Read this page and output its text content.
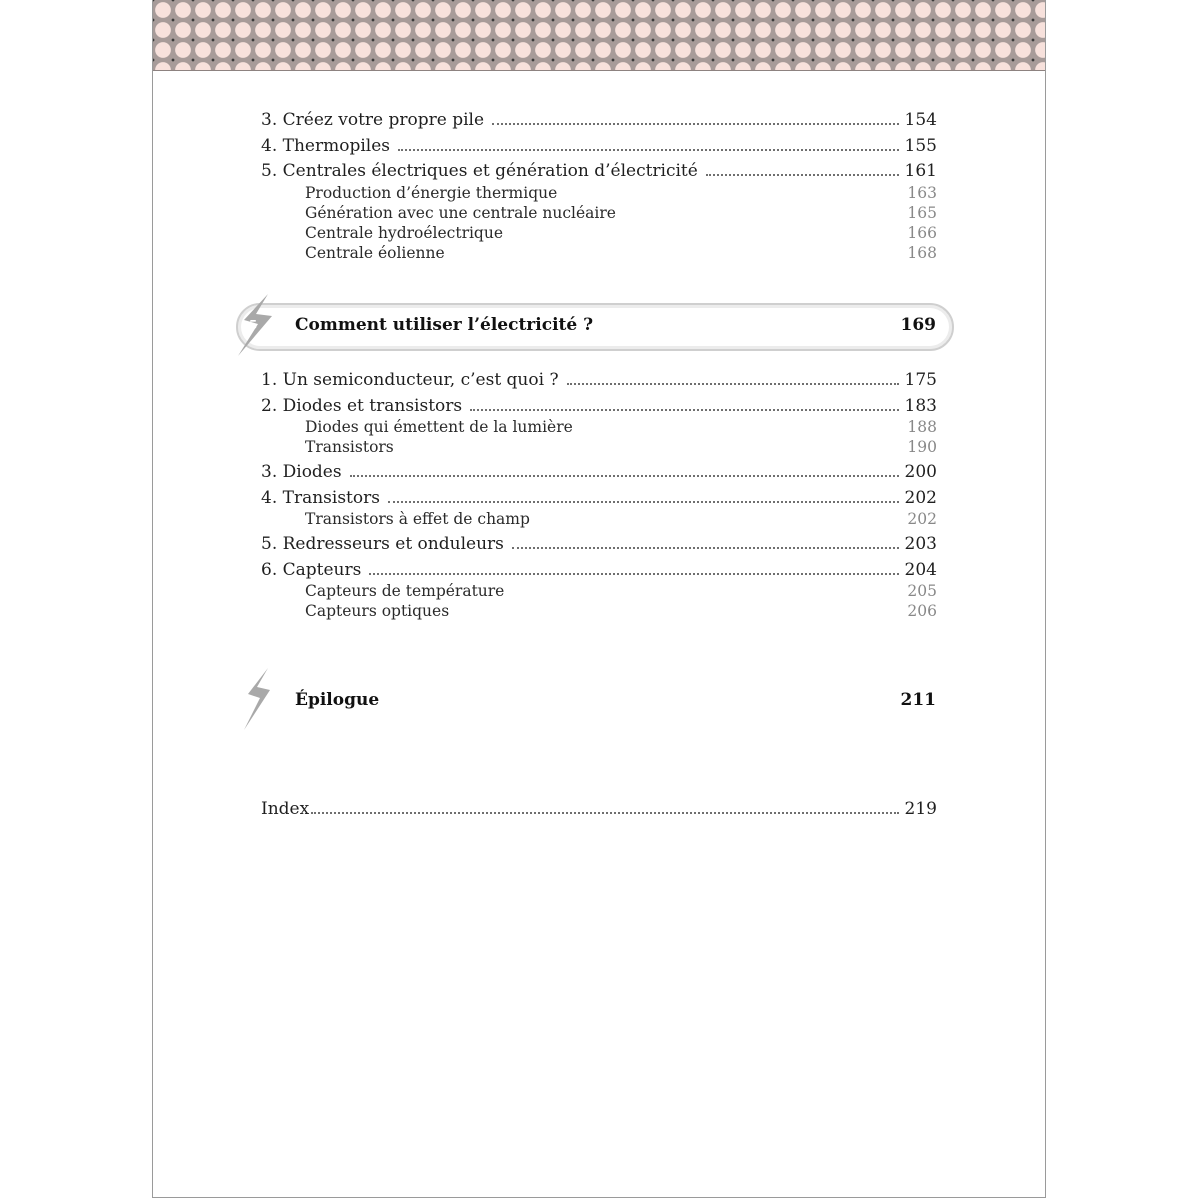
3. Créez votre propre pile	154
4. Thermopiles	155
5. Centrales électriques et génération d’électricité	161
Production d’énergie thermique	163
Génération avec une centrale nucléaire	165
Centrale hydroélectrique	166
Centrale éolienne	168
5 Comment utiliser l’électricité ?	169
1. Un semiconducteur, c’est quoi ?	175
2. Diodes et transistors	183
Diodes qui émettent de la lumière	188
Transistors	190
3. Diodes	200
4. Transistors	202
Transistors à effet de champ	202
5. Redresseurs et onduleurs	203
6. Capteurs	204
Capteurs de température	205
Capteurs optiques	206
Épilogue	211
Index	219
